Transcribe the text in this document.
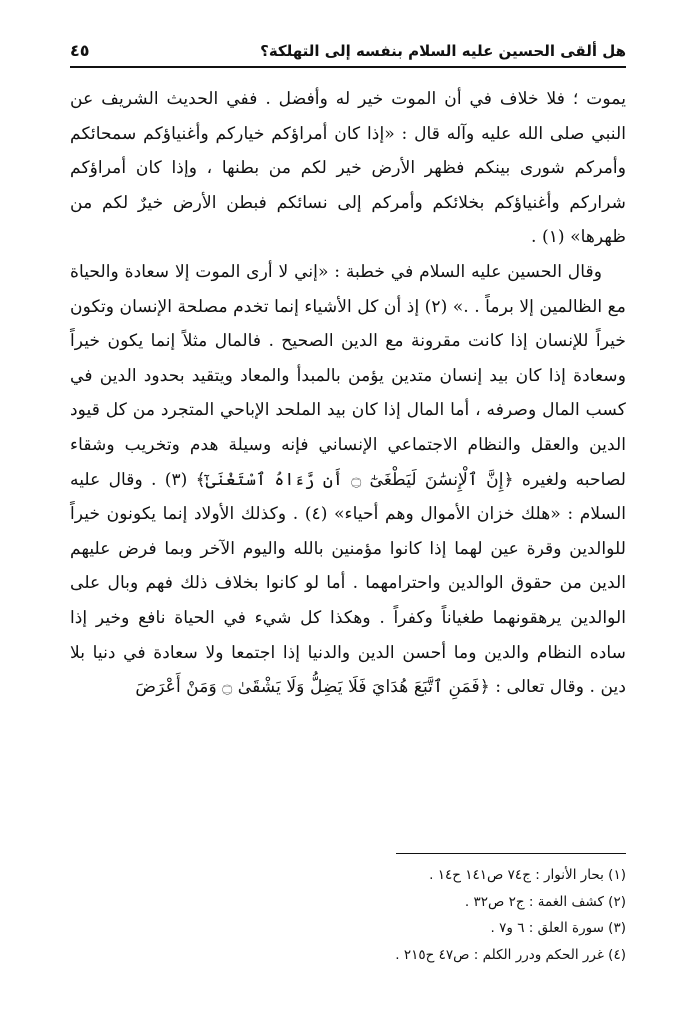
هل ألقى الحسين عليه السلام بنفسه إلى التهلكة؟
٤٥

يموت ؛ فلا خلاف في أن الموت خير له وأفضل . ففي الحديث الشريف عن النبي صلى الله عليه وآله قال : «إذا كان أمراؤكم خياركم وأغنياؤكم سمحائكم وأمركم شورى بينكم فظهر الأرض خير لكم من بطنها ، وإذا كان أمراؤكم شراركم وأغنياؤكم بخلائكم وأمركم إلى نسائكم فبطن الأرض خيرٌ لكم من ظهرها» (١) .

وقال الحسين عليه السلام في خطبة : «إني لا أرى الموت إلا سعادة والحياة مع الظالمين إلا برماً . .» (٢) إذ أن كل الأشياء إنما تخدم مصلحة الإنسان وتكون خيراً للإنسان إذا كانت مقرونة مع الدين الصحيح . فالمال مثلاً إنما يكون خيراً وسعادة إذا كان بيد إنسان متدين يؤمن بالمبدأ والمعاد ويتقيد بحدود الدين في كسب المال وصرفه ، أما المال إذا كان بيد الملحد الإباحي المتجرد من كل قيود الدين والعقل والنظام الاجتماعي الإنساني فإنه وسيلة هدم وتخريب وشقاء لصاحبه ولغيره ﴿إِنَّ ٱلْإِنسَٰنَ لَيَطْغَىٰٓ ۝ أَن رَّءَاهُ ٱسْتَغْنَىٰٓ﴾ (٣) . وقال عليه السلام : «هلك خزان الأموال وهم أحياء» (٤) . وكذلك الأولاد إنما يكونون خيراً للوالدين وقرة عين لهما إذا كانوا مؤمنين بالله واليوم الآخر وبما فرض عليهم الدين من حقوق الوالدين واحترامهما . أما لو كانوا بخلاف ذلك فهم وبال على الوالدين يرهقونهما طغياناً وكفراً . وهكذا كل شيء في الحياة نافع وخير إذا ساده النظام والدين وما أحسن الدين والدنيا إذا اجتمعا ولا سعادة في دنيا بلا دين . وقال تعالى : ﴿فَمَنِ ٱتَّبَعَ هُدَايَ فَلَا يَضِلُّ وَلَا يَشْقَىٰ ۝ وَمَنْ أَعْرَضَ

(١) بحار الأنوار : ج٧٤ ص١٤١ ح١٤ .
(٢) كشف الغمة : ج٢ ص٣٢ .
(٣) سورة العلق : ٦ و٧ .
(٤) غرر الحكم ودرر الكلم : ص٤٧ ح٢١٥ .
